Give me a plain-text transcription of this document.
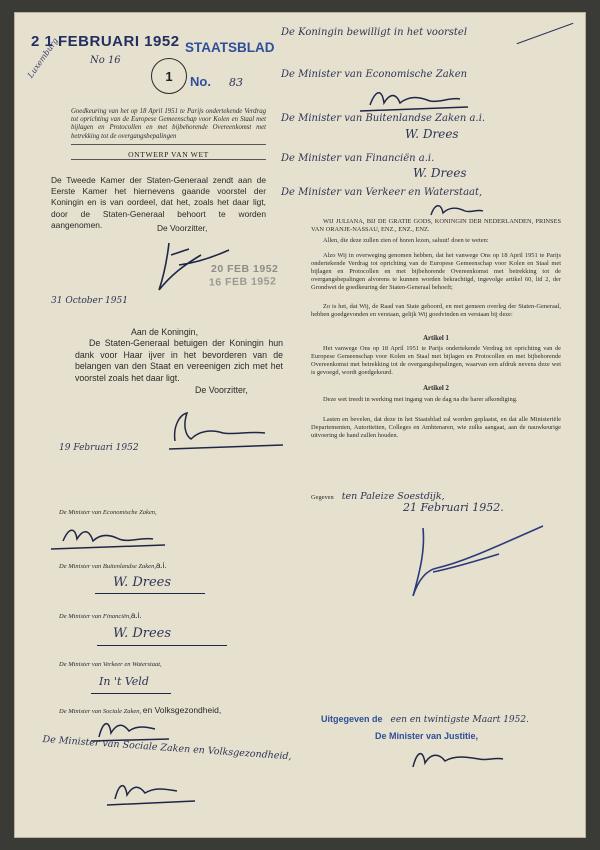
2 1 FEBRUARI 1952
No 16
Luxemburg	1
STAATSBLAD
No. 83
Goedkeuring van het op 18 April 1951 te Parijs ondertekende Verdrag tot oprichting van de Europese Gemeenschap voor Kolen en Staal met bijlagen en Protocollen en met bijbehorende Overeenkomst met betrekking tot de overgangsbepalingen
ONTWERP VAN WET
De Tweede Kamer der Staten-Generaal zendt aan de Eerste Kamer het hiernevens gaande voorstel der Koningin en is van oordeel, dat het, zoals het daar ligt, door de Staten-Generaal behoort te worden aangenomen.	De Voorzitter,
20 FEB 1952
16 FEB 1952
31 October 1951
Aan de Koningin,
De Staten-Generaal betuigen der Koningin hun dank voor Haar ijver in het bevorderen van de belangen van den Staat en vereenigen zich met het voorstel zoals het daar ligt.
De Voorzitter,
19 Februari 1952
De Minister van Economische Zaken,
De Minister van Buitenlandse Zaken,a.i.
W. Drees
De Minister van Financiën,a.i.
W. Drees
De Minister van Verkeer en Waterstaat,
In 't Veld
De Minister van Sociale Zaken, en Volksgezondheid,
De Minister van Sociale Zaken en Volksgezondheid,
De Koningin bewilligt in het voorstel
De Minister van Economische Zaken
De Minister van Buitenlandse Zaken a.i.
W. Drees
De Minister van Financiën a.i.
W. Drees
De Minister van Verkeer en Waterstaat,
WIJ JULIANA, BIJ DE GRATIE GODS, KONINGIN DER NEDERLANDEN, PRINSES VAN ORANJE-NASSAU, ENZ., ENZ., ENZ.
Allen, die deze zullen zien of horen lezen, saluut! doen te weten:
Alzo Wij in overweging genomen hebben, dat het vanwege Ons op 18 April 1951 te Parijs ondertekende Verdrag tot oprichting van de Europese Gemeenschap voor Kolen en Staal met bijlagen en Protocollen en met bijbehorende Overeenkomst met betrekking tot de overgangsbepalingen alvorens te kunnen worden bekrachtigd, ingevolge artikel 60, lid 2, der Grondwet de goedkeuring der Staten-Generaal behoeft;
Zo is het, dat Wij, de Raad van State gehoord, en met gemeen overleg der Staten-Generaal, hebben goedgevonden en verstaan, gelijk Wij goedvinden en verstaan bij deze:
Artikel 1
Het vanwege Ons op 18 April 1951 te Parijs ondertekende Verdrag tot oprichting van de Europese Gemeenschap voor Kolen en Staal met bijlagen en Protocollen en met bijbehorende Overeenkomst met betrekking tot de overgangsbepalingen, waarvan een afdruk nevens deze wet is gevoegd, wordt goedgekeurd.
Artikel 2
Deze wet treedt in werking met ingang van de dag na die harer afkondiging.
Lasten en bevelen, dat deze in het Staatsblad zal worden geplaatst, en dat alle Ministeriële Departementen, Autoriteiten, Colleges en Ambtenaren, wie zulks aangaat, aan de nauwkeurige uitvoering de hand zullen houden.
Gegeven ten Paleize Soestdijk,
21 Februari 1952.
Uitgegeven de een en twintigste Maart 1952.
De Minister van Justitie,
